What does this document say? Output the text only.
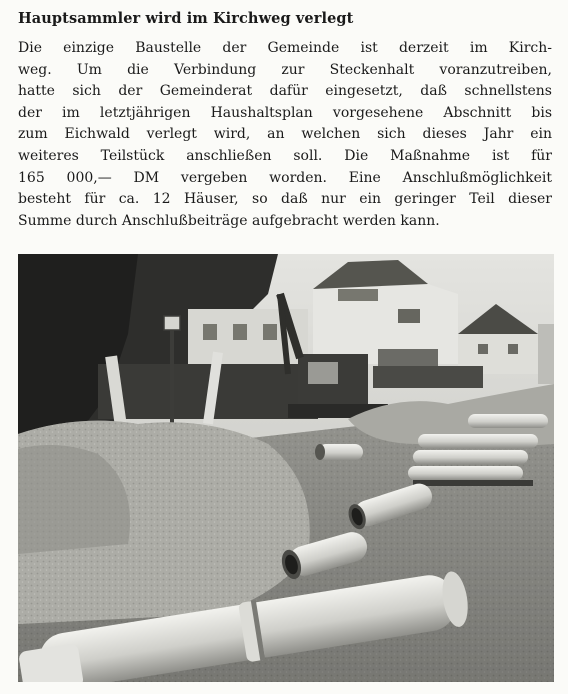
Hauptsammler wird im Kirchweg verlegt
Die einzige Baustelle der Gemeinde ist derzeit im Kirch-
weg. Um die Verbindung zur Steckenhalt voranzutreiben,
hatte sich der Gemeinderat dafür eingesetzt, daß schnellstens
der im letztjährigen Haushaltsplan vorgesehene Abschnitt bis
zum Eichwald verlegt wird, an welchen sich dieses Jahr ein
weiteres Teilstück anschließen soll. Die Maßnahme ist für
165 000,— DM vergeben worden. Eine Anschlußmöglichkeit
besteht für ca. 12 Häuser, so daß nur ein geringer Teil dieser
Summe durch Anschlußbeiträge aufgebracht werden kann.
